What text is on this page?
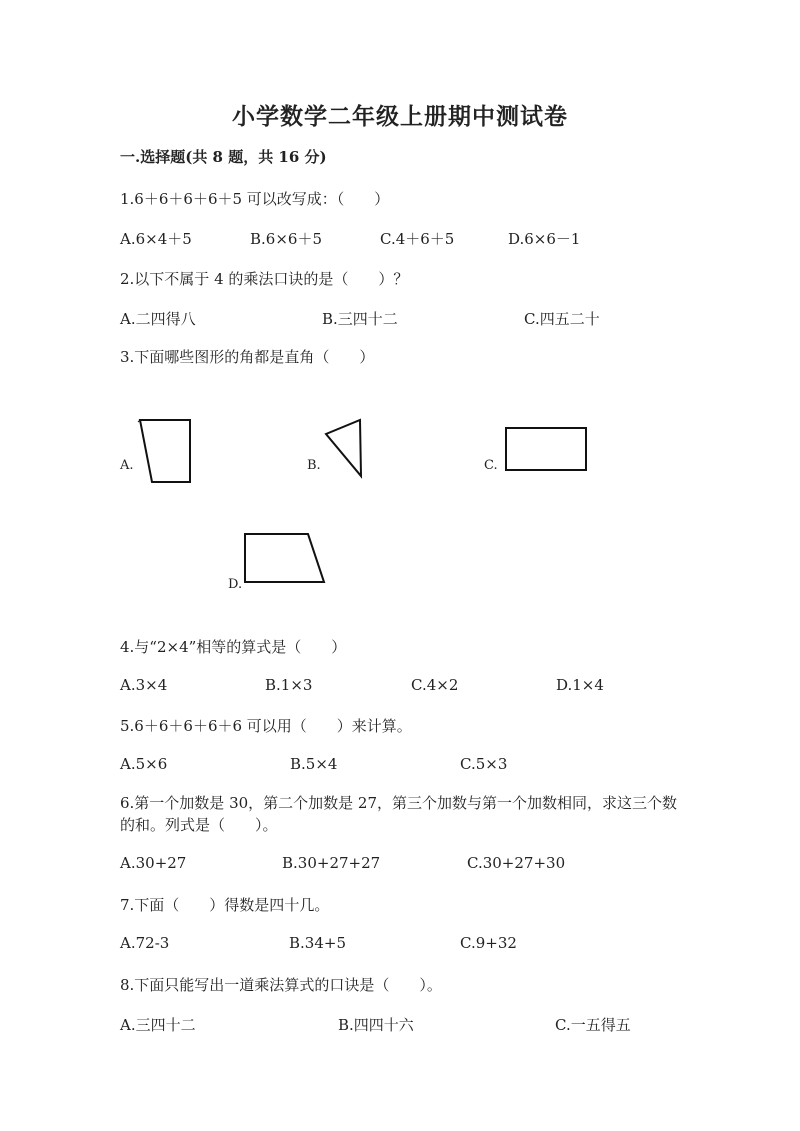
小学数学二年级上册期中测试卷
一.选择题(共 8 题，共 16 分)
1.6＋6＋6＋6＋5 可以改写成：（　　）
A.6×4＋5	B.6×6＋5	C.4＋6＋5	D.6×6－1
2.以下不属于 4 的乘法口诀的是（　　）？
A.二四得八	B.三四十二	C.四五二十
3.下面哪些图形的角都是直角（　　）
A.	B.	C.
D.
4.与“2×4”相等的算式是（　　）
A.3×4	B.1×3	C.4×2	D.1×4
5.6＋6＋6＋6＋6 可以用（　　）来计算。
A.5×6	B.5×4	C.5×3
6.第一个加数是 30，第二个加数是 27，第三个加数与第一个加数相同，求这三个数的和。列式是（　　）。
A.30+27	B.30+27+27	C.30+27+30
7.下面（　　）得数是四十几。
A.72-3	B.34+5	C.9+32
8.下面只能写出一道乘法算式的口诀是（　　）。
A.三四十二	B.四四十六	C.一五得五
